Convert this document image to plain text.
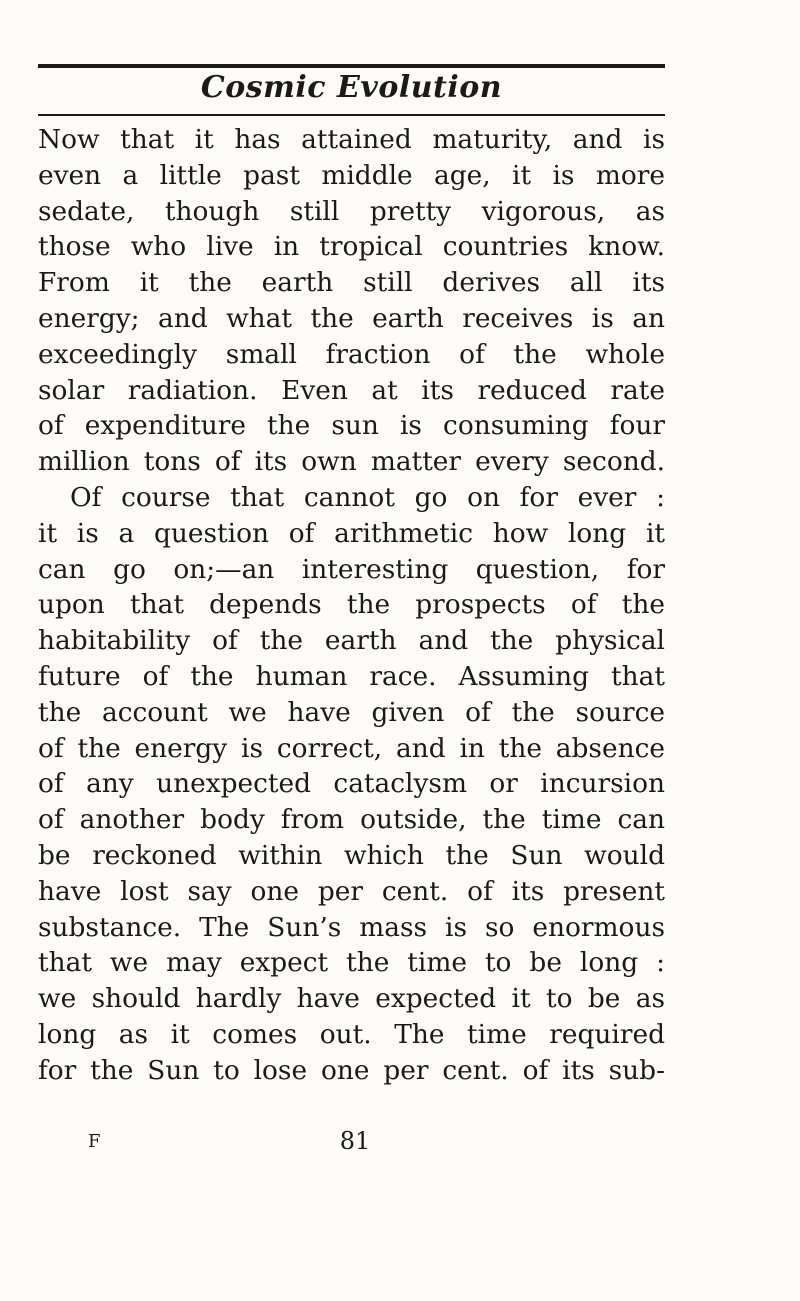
Cosmic Evolution
Now that it has attained maturity, and is
even a little past middle age, it is more
sedate, though still pretty vigorous, as
those who live in tropical countries know.
From it the earth still derives all its
energy; and what the earth receives is an
exceedingly small fraction of the whole
solar radiation. Even at its reduced rate
of expenditure the sun is consuming four
million tons of its own matter every second.
Of course that cannot go on for ever :
it is a question of arithmetic how long it
can go on;—an interesting question, for
upon that depends the prospects of the
habitability of the earth and the physical
future of the human race. Assuming that
the account we have given of the source
of the energy is correct, and in the absence
of any unexpected cataclysm or incursion
of another body from outside, the time can
be reckoned within which the Sun would
have lost say one per cent. of its present
substance. The Sun’s mass is so enormous
that we may expect the time to be long :
we should hardly have expected it to be as
long as it comes out. The time required
for the Sun to lose one per cent. of its sub-
F	81
